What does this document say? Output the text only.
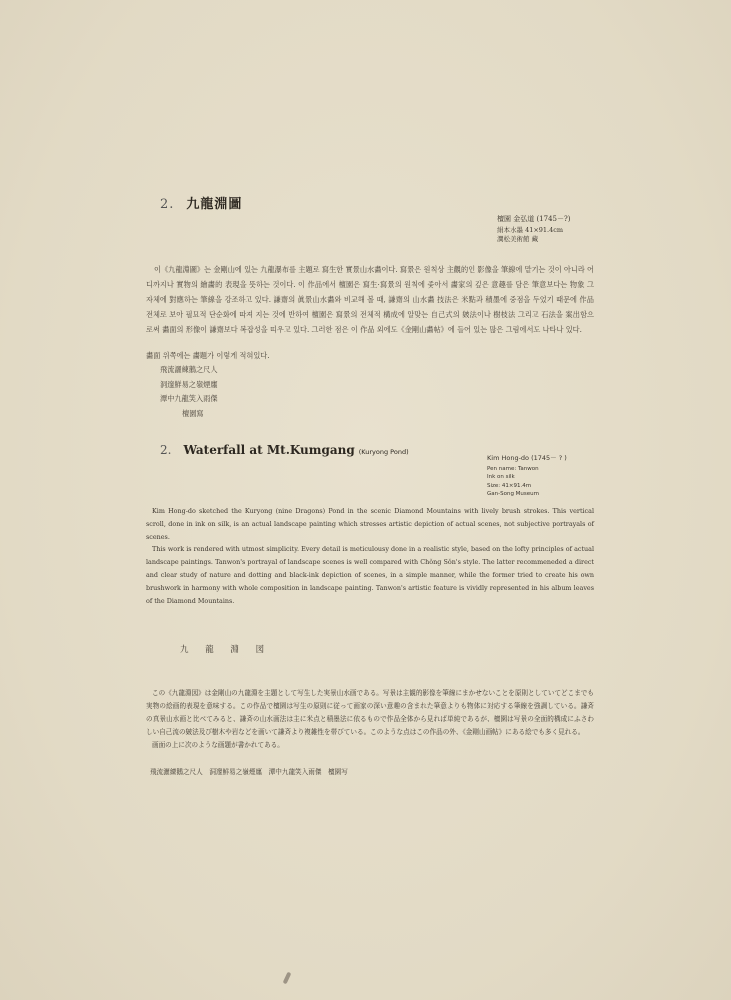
2. 九龍淵圖
檀園 金弘道 (1745－?)
絹本水墨 41×91.4cm
澗松美術館 藏

이《九龍淵圖》는 金剛山에 있는 九龍瀑布를 主題로 寫生한 實景山水畵이다. 寫景은 원칙상 主觀的인 影像을 筆線에 맡기는 것이 아니라 어디까지나 實物의 繪畵的 表現을 뜻하는 것이다. 이 作品에서 檀園은 寫生·寫景의 원칙에 좇아서 畵家의 깊은 意趣를 담은 筆意보다는 物象 그 자체에 對應하는 筆線을 강조하고 있다. 謙齋의 眞景山水畵와 비교해 볼 때, 謙齋의 山水畵 技法은 米點과 積墨에 중점을 두었기 때문에 作品 전체로 보아 필묘적 단순화에 따져 지는 것에 반하여 檀園은 寫景의 전체적 構成에 알맞는 自己式의 皴法이나 樹枝法 그리고 石法을 案出함으로써 畵面의 形像이 謙齋보다 복잡성을 띠우고 있다. 그러한 점은 이 作品 외에도《金剛山畵帖》에 들어 있는 많은 그림에서도 나타나 있다.

畵面 위쪽에는 畵題가 이렇게 적혀있다.
飛流灑練鵝之尺人
洞邃鮮易之嶺煙廛
潭中九龍笑入雨傑
檀園寫
2. Waterfall at Mt.Kumgang (Kuryong Pond)
Kim Hong-do (1745－ ? )
Pen name: Tanwon
Ink on silk
Size: 41×91.4m
Gan-Song Museum

Kim Hong-do sketched the Kuryong (nine Dragons) Pond in the scenic Diamond Mountains with lively brush strokes. This vertical scroll, done in ink on silk, is an actual landscape painting which stresses artistic depiction of actual scenes, not subjective portrayals of scenes.

This work is rendered with utmost simplicity. Every detail is meticulousy done in a realistic style, based on the lofty principles of actual landscape paintings. Tanwon's portrayal of landscape scenes is well compared with Chŏng Sŏn's style. The latter recommeneded a direct and clear study of nature and dotting and black-ink depiction of scenes, in a simple manner, while the former tried to create his own brushwork in harmony with whole composition in landscape painting. Tanwon's artistic feature is vividly represented in his album leaves of the Diamond Mountains.

九 龍 淵 図

この《九龍淵図》は金剛山の九龍淵を主題として写生した実景山水画である。写景は主観的影像を筆線にまかせないことを原則としていてどこまでも実物の絵画的表現を意味する。この作品で檀園は写生の原則に従って画家の深い意趣の含まれた筆意よりも物体に対応する筆線を強調している。謙斉の真景山水画と比べてみると、謙斉の山水画法は主に米点と積墨法に依るもので作品全体から見れば単純であるが、檀園は写景の全面的構成にふさわしい自己流の皴法及び樹木や岩などを画いて謙斉より複雑性を帯びている。このような点はこの作品の外、《金剛山画帖》にある絵でも多く見れる。

画面の上に次のような画題が書かれてある。

飛流灑練鵝之尺人　洞邃鮮易之嶺煙廛　潭中九龍笑入雨傑　檀園写
